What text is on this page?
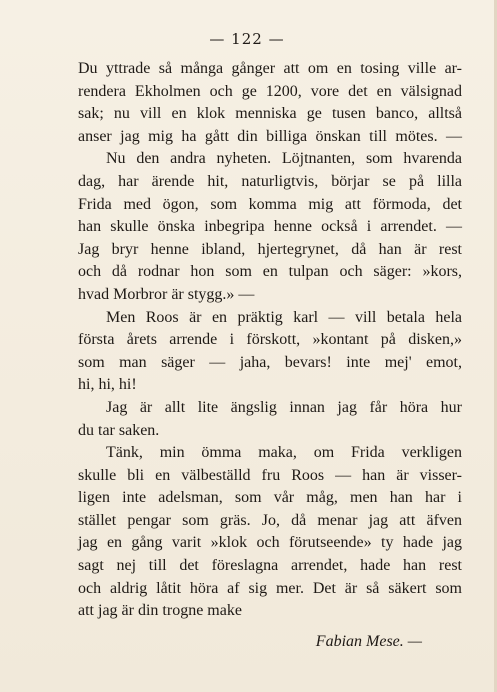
— 122 —
Du yttrade så många gånger att om en tosing ville ar-
rendera Ekholmen och ge 1200, vore det en välsignad
sak; nu vill en klok menniska ge tusen banco, alltså
anser jag mig ha gått din billiga önskan till mötes. —
Nu den andra nyheten. Löjtnanten, som hvarenda
dag, har ärende hit, naturligtvis, börjar se på lilla
Frida med ögon, som komma mig att förmoda, det
han skulle önska inbegripa henne också i arrendet. —
Jag bryr henne ibland, hjertegrynet, då han är rest
och då rodnar hon som en tulpan och säger: »kors,
hvad Morbror är stygg.» —
Men Roos är en präktig karl — vill betala hela
första årets arrende i förskott, »kontant på disken,»
som man säger — jaha, bevars! inte mej' emot,
hi, hi, hi!
Jag är allt lite ängslig innan jag får höra hur
du tar saken.
Tänk, min ömma maka, om Frida verkligen
skulle bli en välbeställd fru Roos — han är visser-
ligen inte adelsman, som vår måg, men han har i
stället pengar som gräs. Jo, då menar jag att äfven
jag en gång varit »klok och förutseende» ty hade jag
sagt nej till det föreslagna arrendet, hade han rest
och aldrig låtit höra af sig mer. Det är så säkert som
att jag är din trogne make
Fabian Mese. —
